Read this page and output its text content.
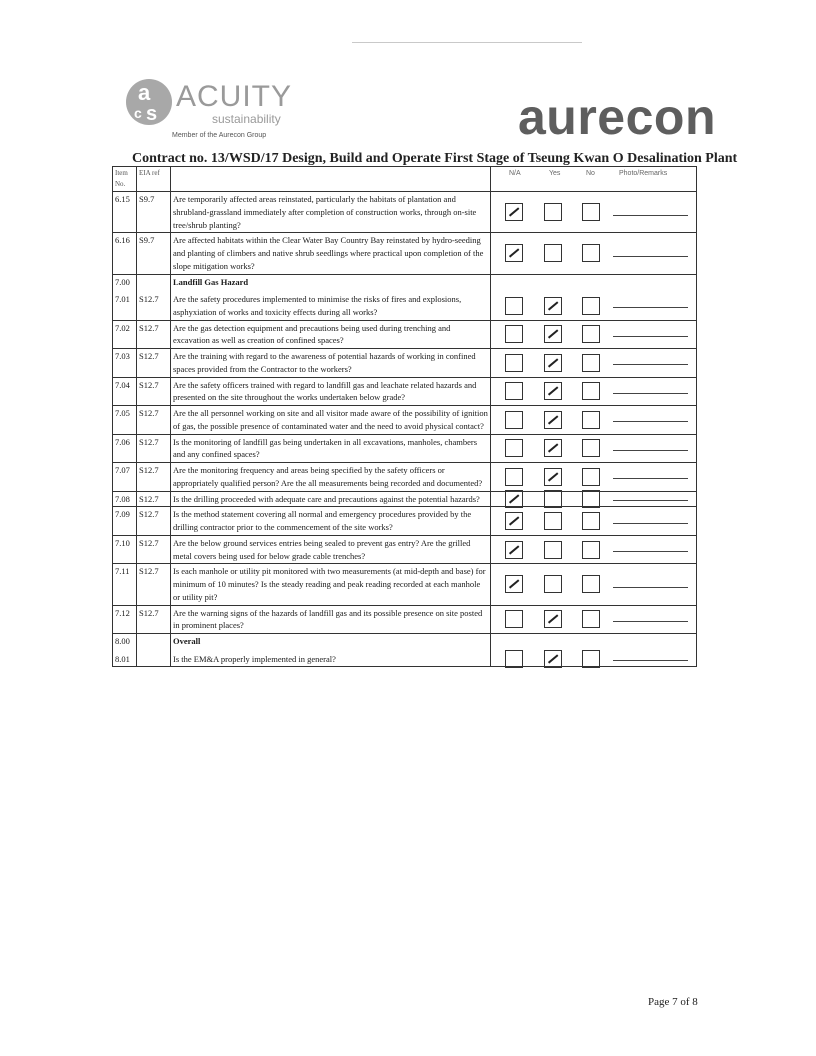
a
s
c ACUITY
sustainability
Member of the Aurecon Group	aurecon
Contract no. 13/WSD/17 Design, Build and Operate First Stage of Tseung Kwan O Desalination Plant
Item No.	EIA ref		N/A Yes No Photo/Remarks

6.15	S9.7	Are temporarily affected areas reinstated, particularly the habitats of plantation and shrubland-grassland immediately after completion of construction works, through on-site tree/shrub planting?	

6.16	S9.7	Are affected habitats within the Clear Water Bay Country Bay reinstated by hydro-seeding and planting of climbers and native shrub seedlings where practical upon completion of the slope mitigation works?	

7.00		Landfill Gas Hazard	
7.01	S12.7	Are the safety procedures implemented to minimise the risks of fires and explosions, asphyxiation of works and toxicity effects during all works?	

7.02	S12.7	Are the gas detection equipment and precautions being used during trenching and excavation as well as creation of confined spaces?	

7.03	S12.7	Are the training with regard to the awareness of potential hazards of working in confined spaces provided from the Contractor to the workers?	

7.04	S12.7	Are the safety officers trained with regard to landfill gas and leachate related hazards and presented on the site throughout the works undertaken below grade?	

7.05	S12.7	Are the all personnel working on site and all visitor made aware of the possibility of ignition of gas, the possible presence of contaminated water and the need to avoid physical contact?	

7.06	S12.7	Is the monitoring of landfill gas being undertaken in all excavations, manholes, chambers and any confined spaces?	

7.07	S12.7	Are the monitoring frequency and areas being specified by the safety officers or appropriately qualified person? Are the all measurements being recorded and documented?	

7.08	S12.7	Is the drilling proceeded with adequate care and precautions against the potential hazards?	

7.09	S12.7	Is the method statement covering all normal and emergency procedures provided by the drilling contractor prior to the commencement of the site works?	

7.10	S12.7	Are the below ground services entries being sealed to prevent gas entry? Are the grilled metal covers being used for below grade cable trenches?	

7.11	S12.7	Is each manhole or utility pit monitored with two measurements (at mid-depth and base) for minimum of 10 minutes? Is the steady reading and peak reading recorded at each manhole or utility pit?	

7.12	S12.7	Are the warning signs of the hazards of landfill gas and its possible presence on site posted in prominent places?	

8.00		Overall	
8.01		Is the EM&A properly implemented in general?	
Page 7 of 8
